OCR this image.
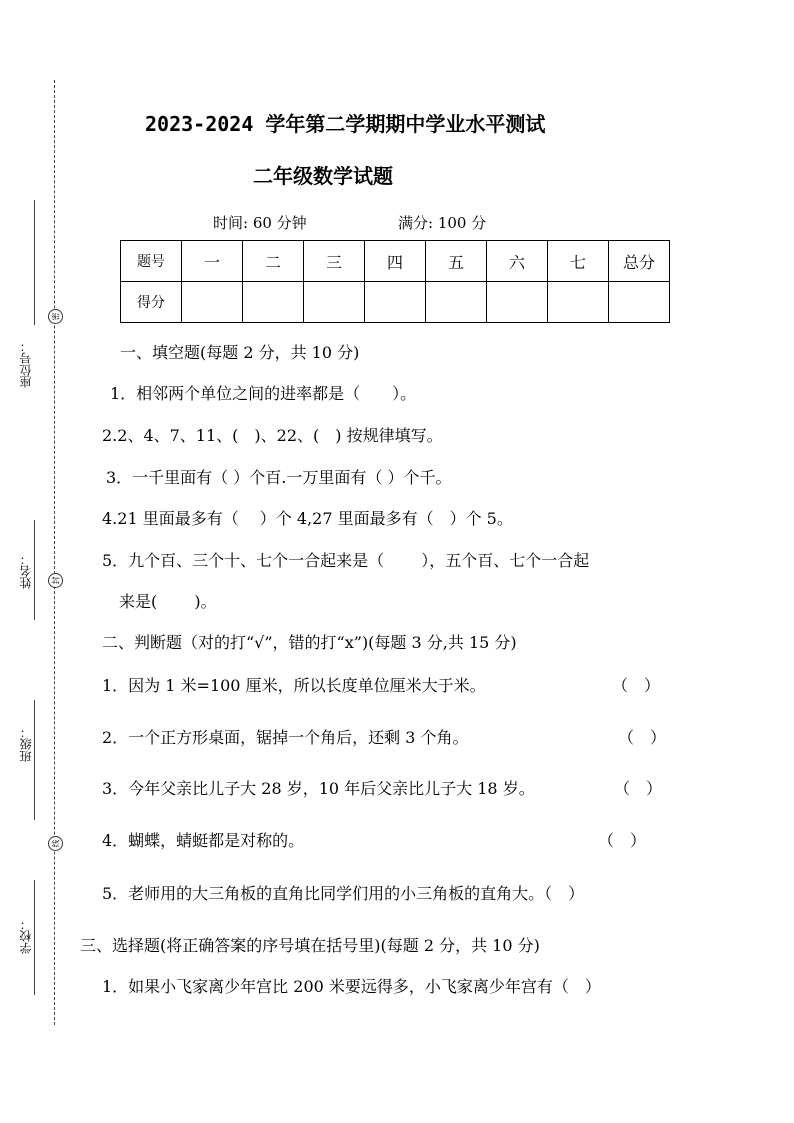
座位号：
姓名：
班级：
学校：
密
封
线
2023-2024 学年第二学期期中学业水平测试
二年级数学试题
时间: 60 分钟	满分: 100 分
题号	一	二	三	四	五	六	七	总分
得分								
一、填空题(每题 2 分，共 10 分)
1．相邻两个单位之间的进率都是（　　）。
2.2、4、7、11、(　)、22、(　) 按规律填写。
3．一千里面有（ ）个百.一万里面有（ ）个千。
4.21 里面最多有（　 ）个 4,27 里面最多有（　）个 5。
5．九个百、三个十、七个一合起来是（　　 ），五个百、七个一合起
来是(　　 )。
二、判断题（对的打“√”，错的打“x”)(每题 3 分,共 15 分)
1．因为 1 米=100 厘米，所以长度单位厘米大于米。	（　）
2．一个正方形桌面，锯掉一个角后，还剩 3 个角。	（　）
3．今年父亲比儿子大 28 岁，10 年后父亲比儿子大 18 岁。	（　）
4．蝴蝶，蜻蜓都是对称的。	（　）
5．老师用的大三角板的直角比同学们用的小三角板的直角大。（　）
三、选择题(将正确答案的序号填在括号里)(每题 2 分，共 10 分)
1．如果小飞家离少年宫比 200 米要远得多，小飞家离少年宫有（　）
